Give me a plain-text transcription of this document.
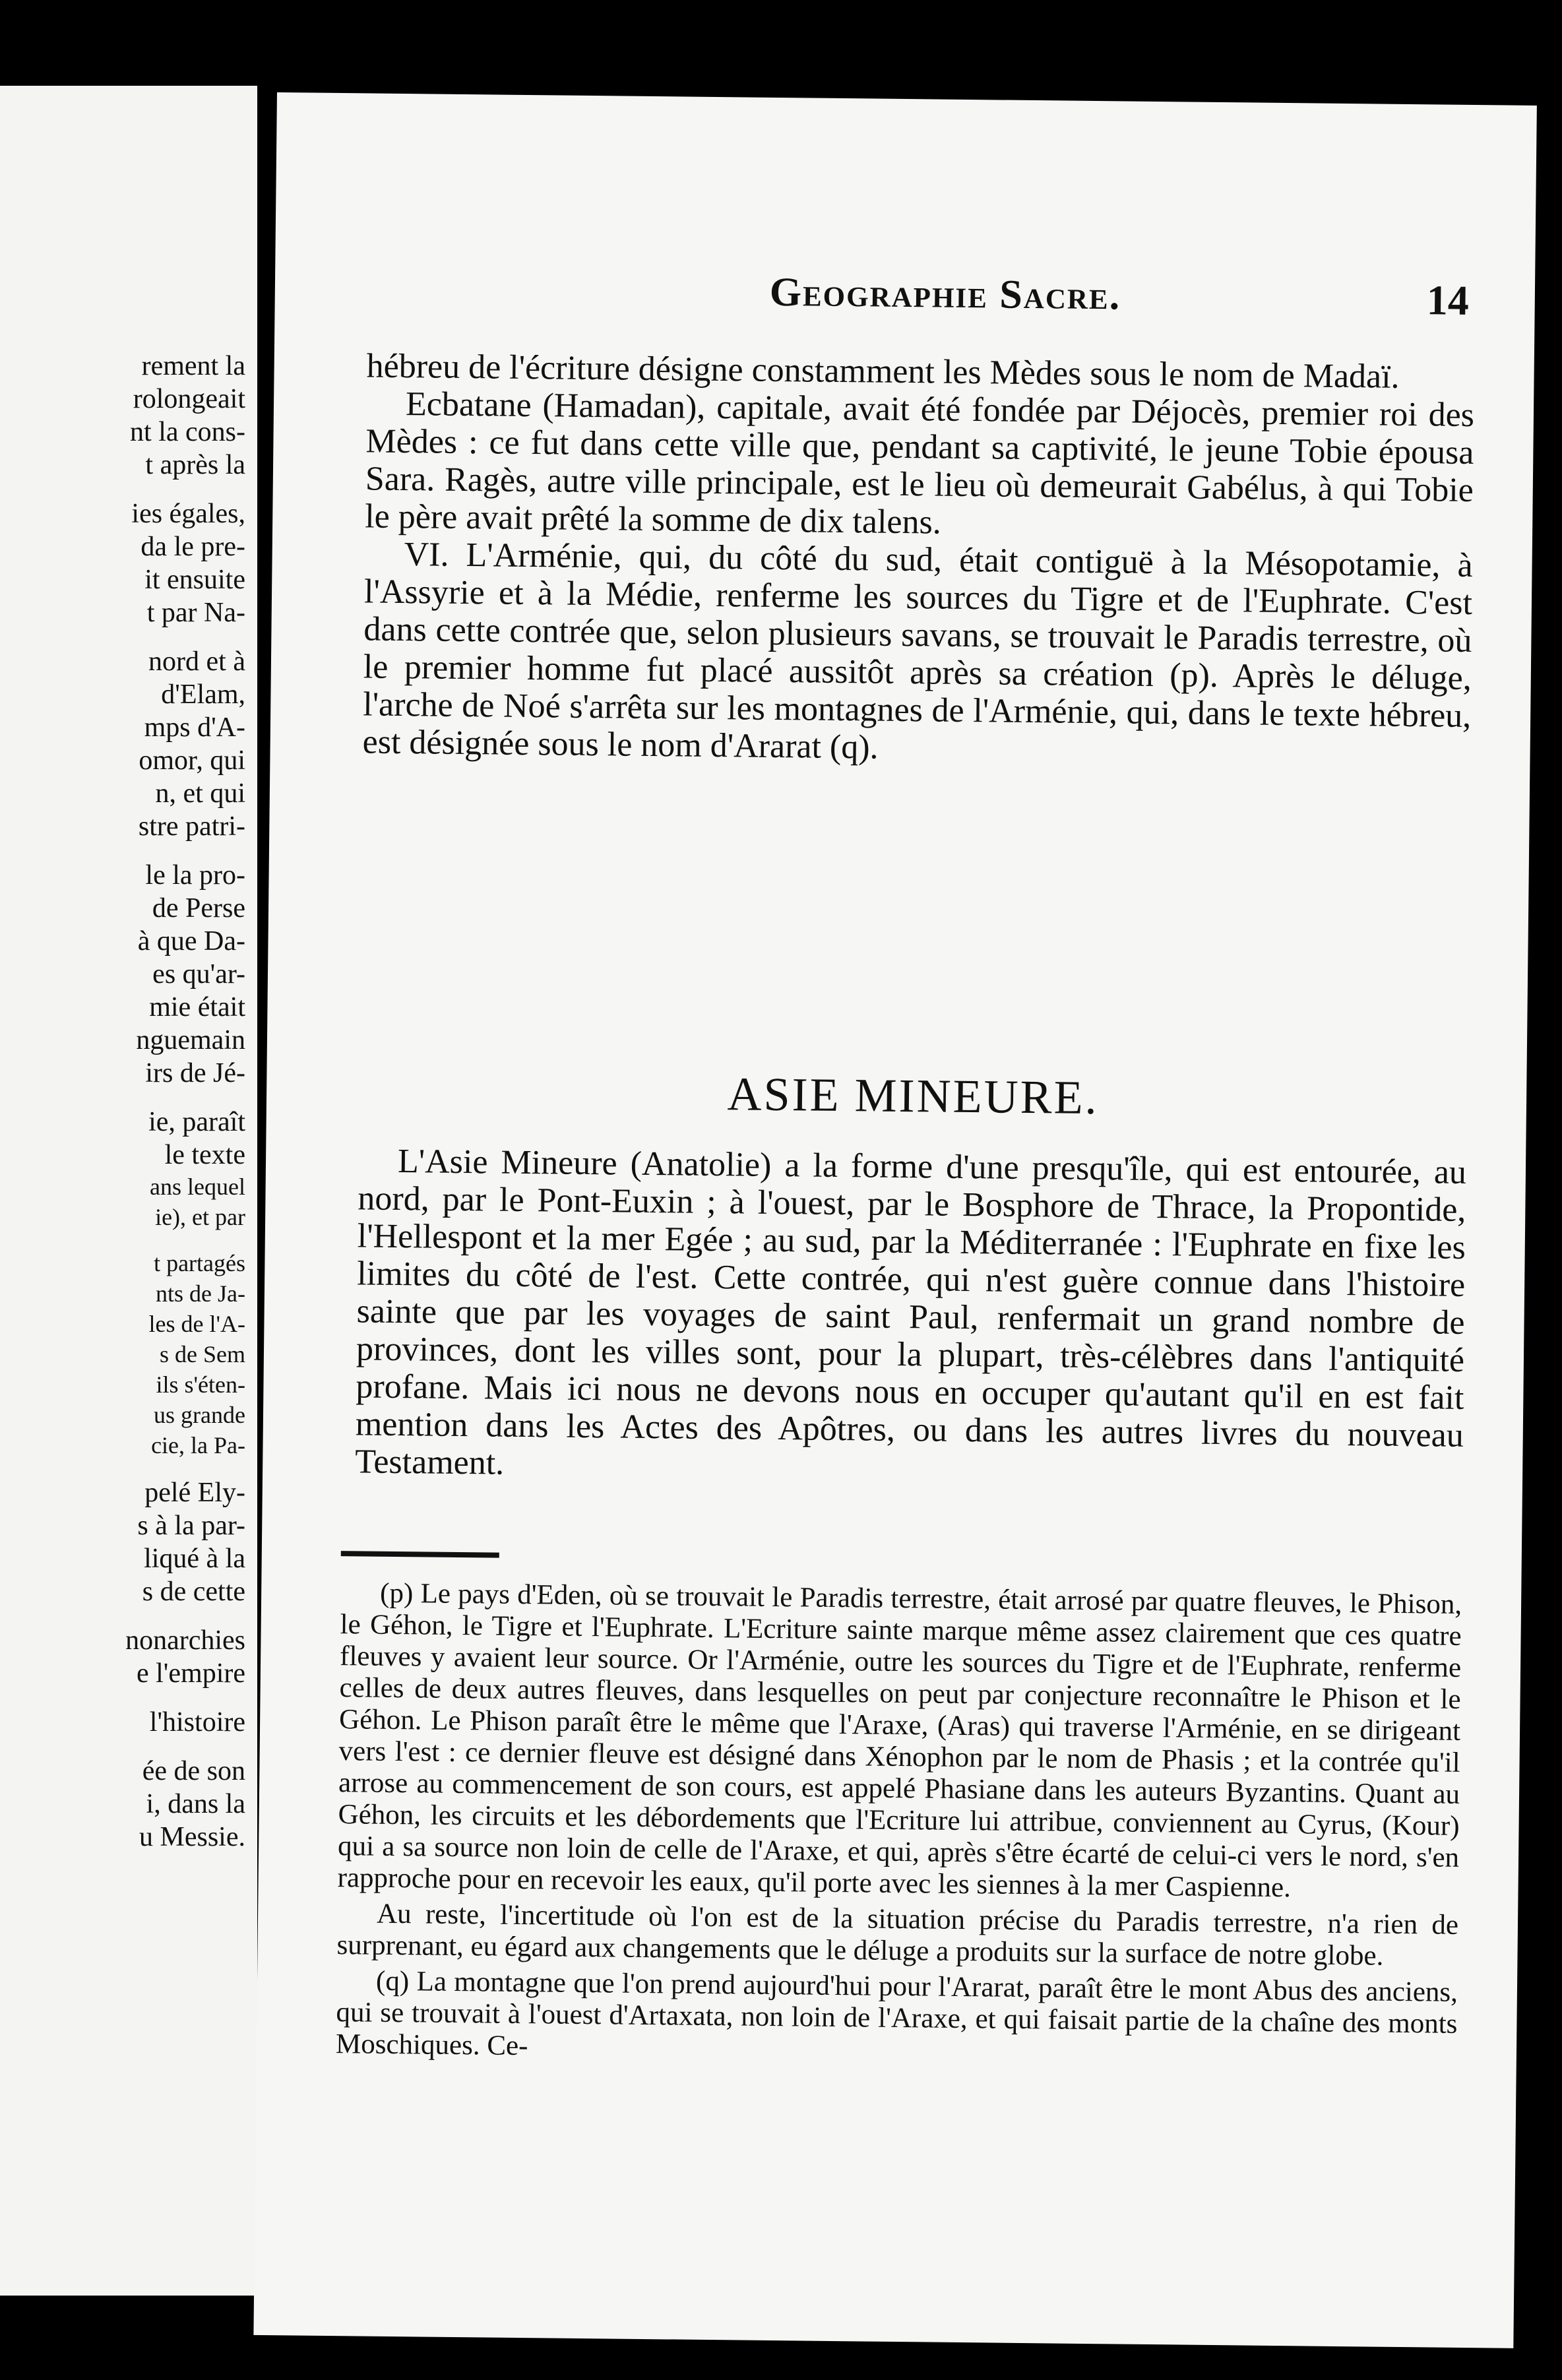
rement la
rolongeait
nt la cons-
t après la
ies égales,
da le pre-
it ensuite
t par Na-
nord et à
d'Elam,
mps d'A-
omor, qui
n, et qui
stre patri-
le la pro-
de Perse
à que Da-
es qu'ar-
mie était
nguemain
irs de Jé-
ie, paraît
le texte
ans lequel
ie), et par
t partagés
nts de Ja-
les de l'A-
s de Sem
ils s'éten-
us grande
cie, la Pa-
pelé Ely-
s à la par-
liqué à la
s de cette
nonarchies
e l'empire
l'histoire
ée de son
i, dans la
u Messie.
Geographie Sacre.	14

hébreu de l'écriture désigne constamment les Mèdes sous le nom de Madaï.

Ecbatane (Hamadan), capitale, avait été fondée par Déjocès, premier roi des Mèdes : ce fut dans cette ville que, pendant sa captivité, le jeune Tobie épousa Sara. Ragès, autre ville principale, est le lieu où demeurait Gabélus, à qui Tobie le père avait prêté la somme de dix talens.

VI. L'Arménie, qui, du côté du sud, était contiguë à la Mésopotamie, à l'Assyrie et à la Médie, renferme les sources du Tigre et de l'Euphrate. C'est dans cette contrée que, selon plusieurs savans, se trouvait le Paradis terrestre, où le premier homme fut placé aussitôt après sa création (p). Après le déluge, l'arche de Noé s'arrêta sur les montagnes de l'Arménie, qui, dans le texte hébreu, est désignée sous le nom d'Ararat (q).

ASIE MINEURE.

L'Asie Mineure (Anatolie) a la forme d'une presqu'île, qui est entourée, au nord, par le Pont-Euxin ; à l'ouest, par le Bosphore de Thrace, la Propontide, l'Hellespont et la mer Egée ; au sud, par la Méditerranée : l'Euphrate en fixe les limites du côté de l'est. Cette contrée, qui n'est guère connue dans l'histoire sainte que par les voyages de saint Paul, renfermait un grand nombre de provinces, dont les villes sont, pour la plupart, très-célèbres dans l'antiquité profane. Mais ici nous ne devons nous en occuper qu'autant qu'il en est fait mention dans les Actes des Apôtres, ou dans les autres livres du nouveau Testament.

(p) Le pays d'Eden, où se trouvait le Paradis terrestre, était arrosé par quatre fleuves, le Phison, le Géhon, le Tigre et l'Euphrate. L'Ecriture sainte marque même assez clairement que ces quatre fleuves y avaient leur source. Or l'Arménie, outre les sources du Tigre et de l'Euphrate, renferme celles de deux autres fleuves, dans lesquelles on peut par conjecture reconnaître le Phison et le Géhon. Le Phison paraît être le même que l'Araxe, (Aras) qui traverse l'Arménie, en se dirigeant vers l'est : ce dernier fleuve est désigné dans Xénophon par le nom de Phasis ; et la contrée qu'il arrose au commencement de son cours, est appelé Phasiane dans les auteurs Byzantins. Quant au Géhon, les circuits et les débordements que l'Ecriture lui attribue, conviennent au Cyrus, (Kour) qui a sa source non loin de celle de l'Araxe, et qui, après s'être écarté de celui-ci vers le nord, s'en rapproche pour en recevoir les eaux, qu'il porte avec les siennes à la mer Caspienne.

Au reste, l'incertitude où l'on est de la situation précise du Paradis terrestre, n'a rien de surprenant, eu égard aux changements que le déluge a produits sur la surface de notre globe.

(q) La montagne que l'on prend aujourd'hui pour l'Ararat, paraît être le mont Abus des anciens, qui se trouvait à l'ouest d'Artaxata, non loin de l'Araxe, et qui faisait partie de la chaîne des monts Moschiques. Ce-
